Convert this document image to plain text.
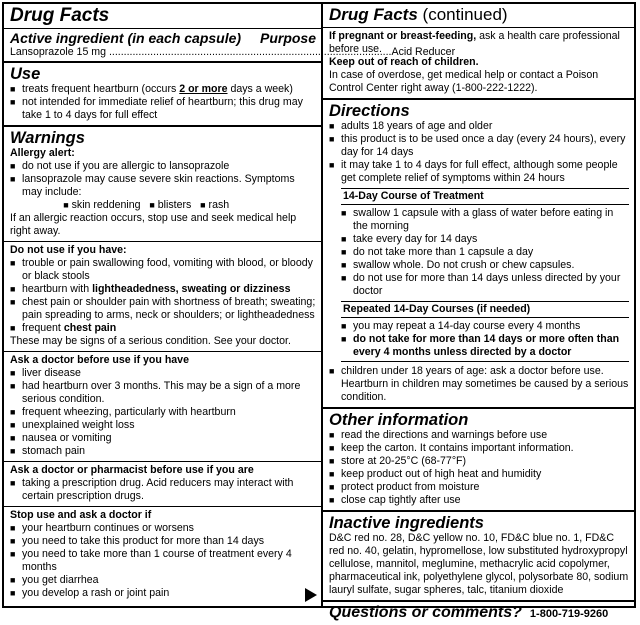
Drug Facts
Active ingredient (in each capsule) Purpose
Lansoprazole 15 mg .....	Acid Reducer
Use
■ treats frequent heartburn (occurs 2 or more days a week)
■ not intended for immediate relief of heartburn; this drug may take 1 to 4 days for full effect
Warnings

Allergy alert:

■ do not use if you are allergic to lansoprazole
■ lansoprazole may cause severe skin reactions. Symptoms may include:
■ skin reddening ■ blisters ■ rash

If an allergic reaction occurs, stop use and seek medical help right away.

Do not use if you have:

■ trouble or pain swallowing food, vomiting with blood, or bloody or black stools
■ heartburn with lightheadedness, sweating or dizziness
■ chest pain or shoulder pain with shortness of breath; sweating; pain spreading to arms, neck or shoulders; or lightheadedness
■ frequent chest pain

These may be signs of a serious condition. See your doctor.

Ask a doctor before use if you have

■ liver disease
■ had heartburn over 3 months. This may be a sign of a more serious condition.
■ frequent wheezing, particularly with heartburn
■ unexplained weight loss
■ nausea or vomiting
■ stomach pain

Ask a doctor or pharmacist before use if you are

■ taking a prescription drug. Acid reducers may interact with certain prescription drugs.

Stop use and ask a doctor if

■ your heartburn continues or worsens
■ you need to take this product for more than 14 days
■ you need to take more than 1 course of treatment every 4 months
■ you get diarrhea
■ you develop a rash or joint pain
Drug Facts (continued)

If pregnant or breast-feeding, ask a health care professional before use.

Keep out of reach of children.

In case of overdose, get medical help or contact a Poison Control Center right away (1-800-222-1222).

Directions
■ adults 18 years of age and older
■ this product is to be used once a day (every 24 hours), every day for 14 days
■ it may take 1 to 4 days for full effect, although some people get complete relief of symptoms within 24 hours
14-Day Course of Treatment
■ swallow 1 capsule with a glass of water before eating in the morning
■ take every day for 14 days
■ do not take more than 1 capsule a day
■ swallow whole. Do not crush or chew capsules.
■ do not use for more than 14 days unless directed by your doctor
Repeated 14-Day Courses (if needed)
■ you may repeat a 14-day course every 4 months
■ do not take for more than 14 days or more often than every 4 months unless directed by a doctor
■ children under 18 years of age: ask a doctor before use. Heartburn in children may sometimes be caused by a serious condition.
Other information
■ read the directions and warnings before use
■ keep the carton. It contains important information.
■ store at 20-25°C (68-77°F)
■ keep product out of high heat and humidity
■ protect product from moisture
■ close cap tightly after use
Inactive ingredients

D&C red no. 28, D&C yellow no. 10, FD&C blue no. 1, FD&C red no. 40, gelatin, hypromellose, low substituted hydroxypropyl cellulose, mannitol, meglumine, methacrylic acid copolymer, pharmaceutical ink, polyethylene glycol, polysorbate 80, sodium lauryl sulfate, sugar spheres, talc, titanium dioxide

Questions or comments? 1-800-719-9260
